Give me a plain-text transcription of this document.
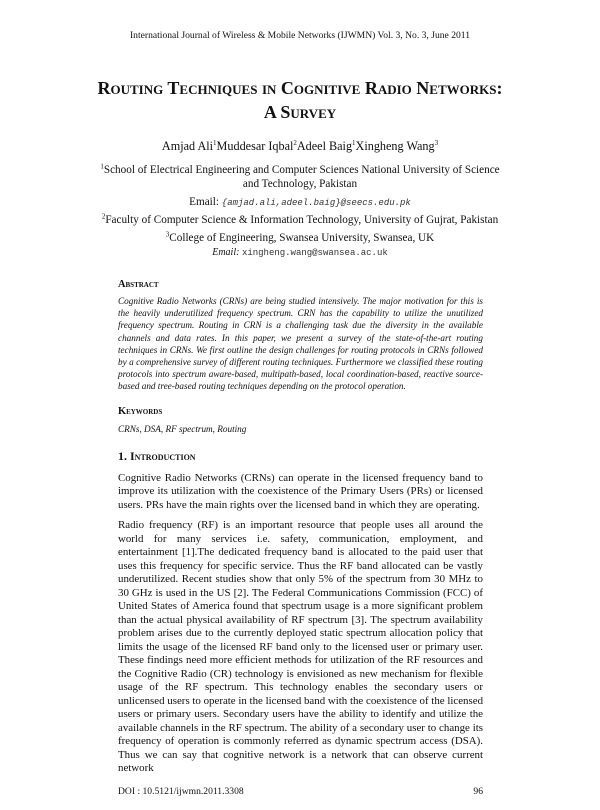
International Journal of Wireless & Mobile Networks (IJWMN) Vol. 3, No. 3, June 2011
Routing Techniques in Cognitive Radio Networks: A Survey
Amjad Ali$^1$Muddesar Iqbal$^2$Adeel Baig$^1$Xingheng Wang$^3$
$^1$School of Electrical Engineering and Computer Sciences National University of Science and Technology, Pakistan
Email: {amjad.ali,adeel.baig}@seecs.edu.pk
$^2$Faculty of Computer Science & Information Technology, University of Gujrat, Pakistan
$^3$College of Engineering, Swansea University, Swansea, UK
Email: xingheng.wang@swansea.ac.uk
Abstract
Cognitive Radio Networks (CRNs) are being studied intensively. The major motivation for this is the heavily underutilized frequency spectrum. CRN has the capability to utilize the unutilized frequency spectrum. Routing in CRN is a challenging task due the diversity in the available channels and data rates. In this paper, we present a survey of the state-of-the-art routing techniques in CRNs. We first outline the design challenges for routing protocols in CRNs followed by a comprehensive survey of different routing techniques. Furthermore we classified these routing protocols into spectrum aware-based, multipath-based, local coordination-based, reactive source-based and tree-based routing techniques depending on the protocol operation.
Keywords
CRNs, DSA, RF spectrum, Routing
1. Introduction

Cognitive Radio Networks (CRNs) can operate in the licensed frequency band to improve its utilization with the coexistence of the Primary Users (PRs) or licensed users. PRs have the main rights over the licensed band in which they are operating.

Radio frequency (RF) is an important resource that people uses all around the world for many services i.e. safety, communication, employment, and entertainment [1].The dedicated frequency band is allocated to the paid user that uses this frequency for specific service. Thus the RF band allocated can be vastly underutilized. Recent studies show that only 5% of the spectrum from 30 MHz to 30 GHz is used in the US [2]. The Federal Communications Commission (FCC) of United States of America found that spectrum usage is a more significant problem than the actual physical availability of RF spectrum [3]. The spectrum availability problem arises due to the currently deployed static spectrum allocation policy that limits the usage of the licensed RF band only to the licensed user or primary user. These findings need more efficient methods for utilization of the RF resources and the Cognitive Radio (CR) technology is envisioned as new mechanism for flexible usage of the RF spectrum. This technology enables the secondary users or unlicensed users to operate in the licensed band with the coexistence of the licensed users or primary users. Secondary users have the ability to identify and utilize the available channels in the RF spectrum. The ability of a secondary user to change its frequency of operation is commonly referred as dynamic spectrum access (DSA). Thus we can say that cognitive network is a network that can observe current network

DOI : 10.5121/ijwmn.2011.3308	96
